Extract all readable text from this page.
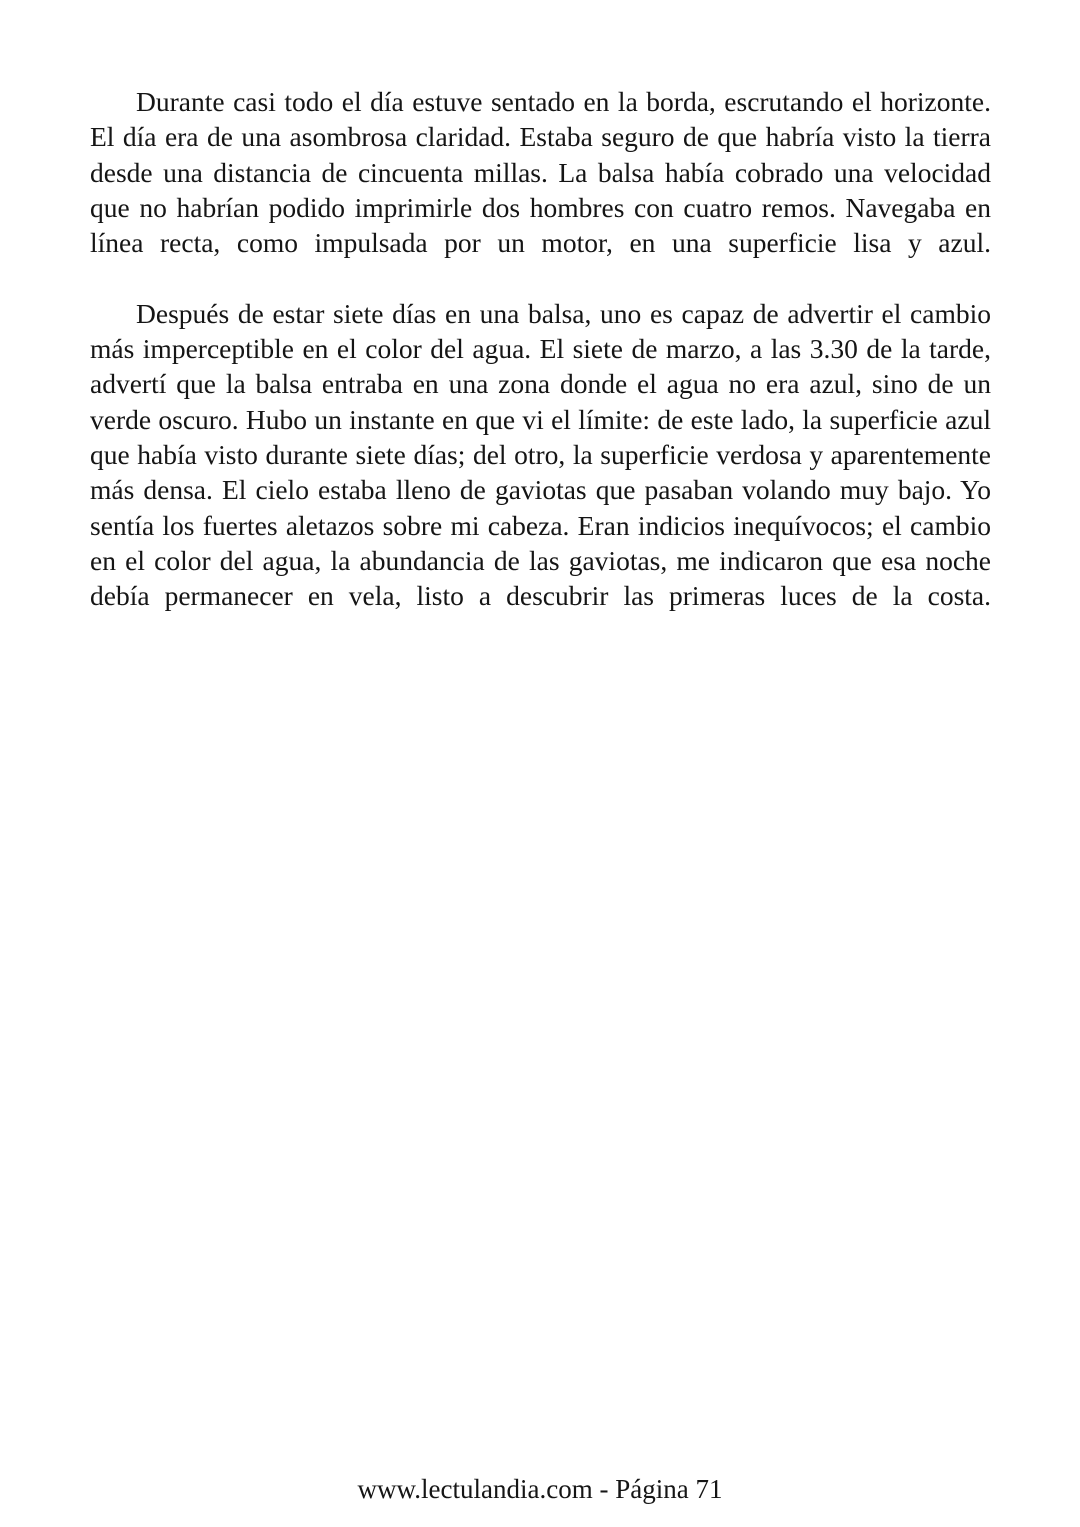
Durante casi todo el día estuve sentado en la borda, escrutando el horizonte. El día era de una asombrosa claridad. Estaba seguro de que habría visto la tierra desde una distancia de cincuenta millas. La balsa había cobrado una velocidad que no habrían podido imprimirle dos hombres con cuatro remos. Navegaba en línea recta, como impulsada por un motor, en una superficie lisa y azul.

Después de estar siete días en una balsa, uno es capaz de advertir el cambio más imperceptible en el color del agua. El siete de marzo, a las 3.30 de la tarde, advertí que la balsa entraba en una zona donde el agua no era azul, sino de un verde oscuro. Hubo un instante en que vi el límite: de este lado, la superficie azul que había visto durante siete días; del otro, la superficie verdosa y aparentemente más densa. El cielo estaba lleno de gaviotas que pasaban volando muy bajo. Yo sentía los fuertes aletazos sobre mi cabeza. Eran indicios inequívocos; el cambio en el color del agua, la abundancia de las gaviotas, me indicaron que esa noche debía permanecer en vela, listo a descubrir las primeras luces de la costa.

www.lectulandia.com - Página 71
